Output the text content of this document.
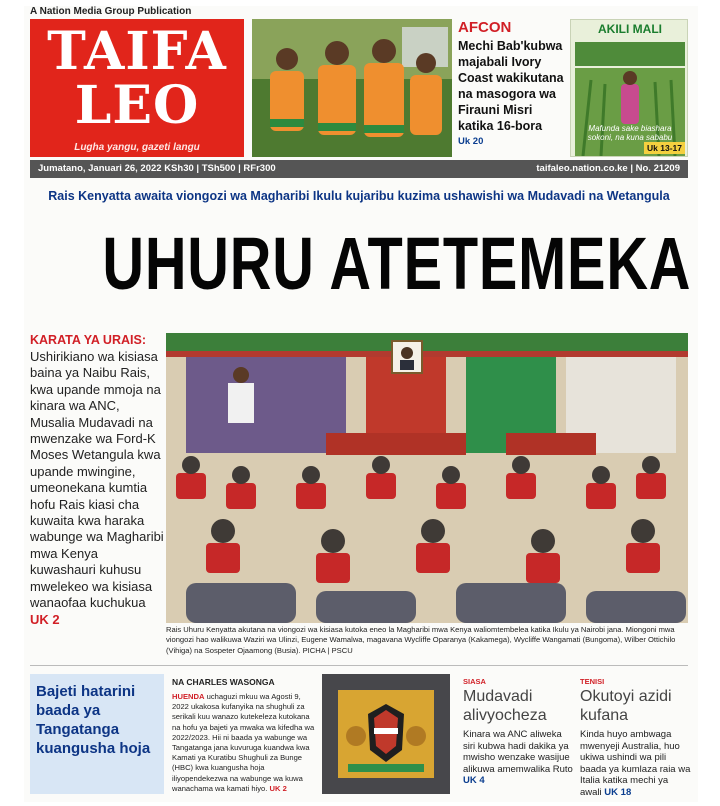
A Nation Media Group Publication
TAIFA
LEO
Lugha yangu, gazeti langu
AFCON
Mechi Bab'kubwa majabali Ivory Coast wakikutana na masogora wa Firauni Misri katika 16-bora
Uk 20
AKILI MALI
Mafunda sake biashara sokoni, na kuna sababu
Uk 13-17
Jumatano, Januari 26, 2022 KSh30 | TSh500 | RFr300	taifaleo.nation.co.ke | No. 21209
Rais Kenyatta awaita viongozi wa Magharibi Ikulu kujaribu kuzima ushawishi wa Mudavadi na Wetangula
UHURU ATETEMEKA
KARATA YA URAIS:
Ushirikiano wa kisiasa baina ya Naibu Rais, kwa upande mmoja na kinara wa ANC, Musalia Mudavadi na mwenzake wa Ford-K Moses Wetangula kwa upande mwingine, umeonekana kumtia hofu Rais kiasi cha kuwaita kwa haraka wabunge wa Magharibi mwa Kenya kuwashauri kuhusu mwelekeo wa kisiasa wanaofaa kuchukua UK 2
Rais Uhuru Kenyatta akutana na viongozi wa kisiasa kutoka eneo la Magharibi mwa Kenya waliomtembelea katika Ikulu ya Nairobi jana. Miongoni mwa viongozi hao walikuwa Waziri wa Ulinzi, Eugene Wamalwa, magavana Wycliffe Oparanya (Kakamega), Wycliffe Wangamati (Bungoma), Wilber Ottichilo (Vihiga) na Sospeter Ojaamong (Busia). PICHA | PSCU
Bajeti hatarini baada ya Tangatanga kuangusha hoja
NA CHARLES WASONGA
HUENDA uchaguzi mkuu wa Agosti 9, 2022 ukakosa kufanyika na shughuli za serikali kuu wanazo kutekeleza kutokana na hofu ya bajeti ya mwaka wa kifedha wa 2022/2023. Hii ni baada ya wabunge wa Tangatanga jana kuvuruga kuandwa kwa Kamati ya Kuratibu Shughuli za Bunge (HBC) kwa kuangusha hoja iliyopendekezwa na wabunge wa kuwa wanachama wa kamati hiyo. UK 2
SIASA
Mudavadi alivyocheza
Kinara wa ANC aliweka siri kubwa hadi dakika ya mwisho wenzake wasijue alikuwa amemwalika Ruto UK 4
TENISI
Okutoyi azidi kufana
Kinda huyo ambwaga mwenyeji Australia, huo ukiwa ushindi wa pili baada ya kumlaza raia wa Italia katika mechi ya awali UK 18
